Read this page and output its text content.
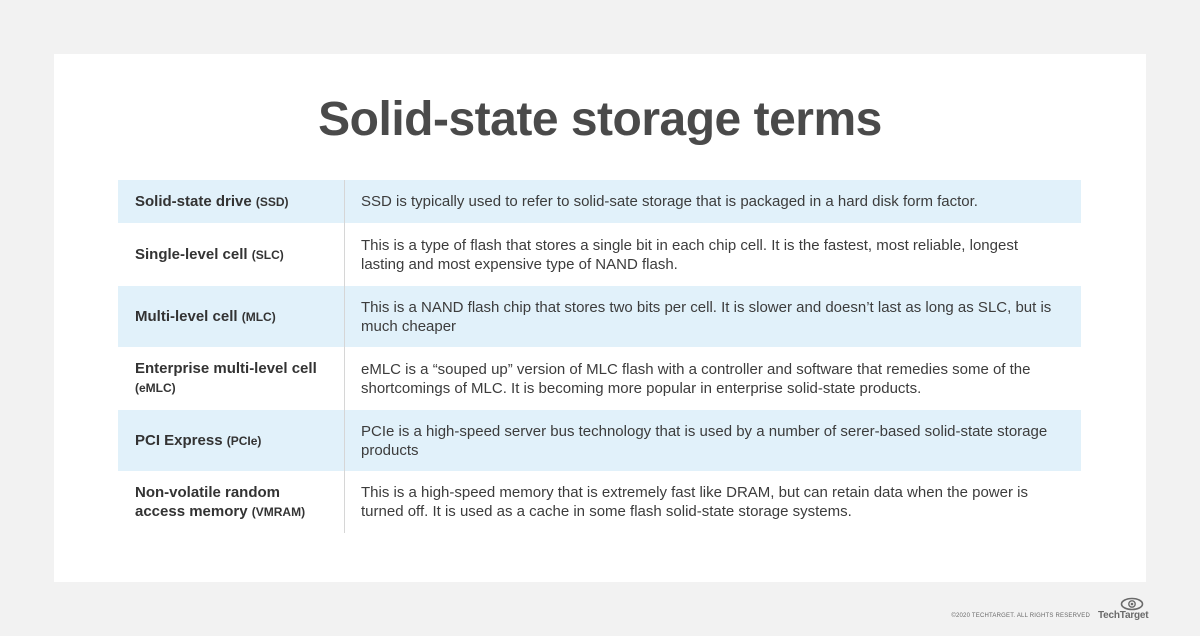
Solid-state storage terms
Solid-state drive (SSD)	SSD is typically used to refer to solid-sate storage that is packaged in a hard disk form factor.
Single-level cell (SLC)
This is a type of flash that stores a single bit in each chip cell. It is the fastest, most reliable, longest lasting and most expensive type of NAND flash.
Multi-level cell (MLC)
This is a NAND flash chip that stores two bits per cell. It is slower and doesn’t last as long as SLC, but is much cheaper
Enterprise multi-level cell (eMLC)
eMLC is a “souped up” version of MLC flash with a controller and software that remedies some of the shortcomings of MLC. It is becoming more popular in enterprise solid-state products.
PCI Express (PCIe)
PCIe is a high-speed server bus technology that is used by a number of serer-based solid-state storage products
Non-volatile random access memory (VMRAM)
This is a high-speed memory that is extremely fast like DRAM, but can retain data when the power is turned off. It is used as a cache in some flash solid-state storage systems.
©2020 TECHTARGET. ALL RIGHTS RESERVED TechTarget
